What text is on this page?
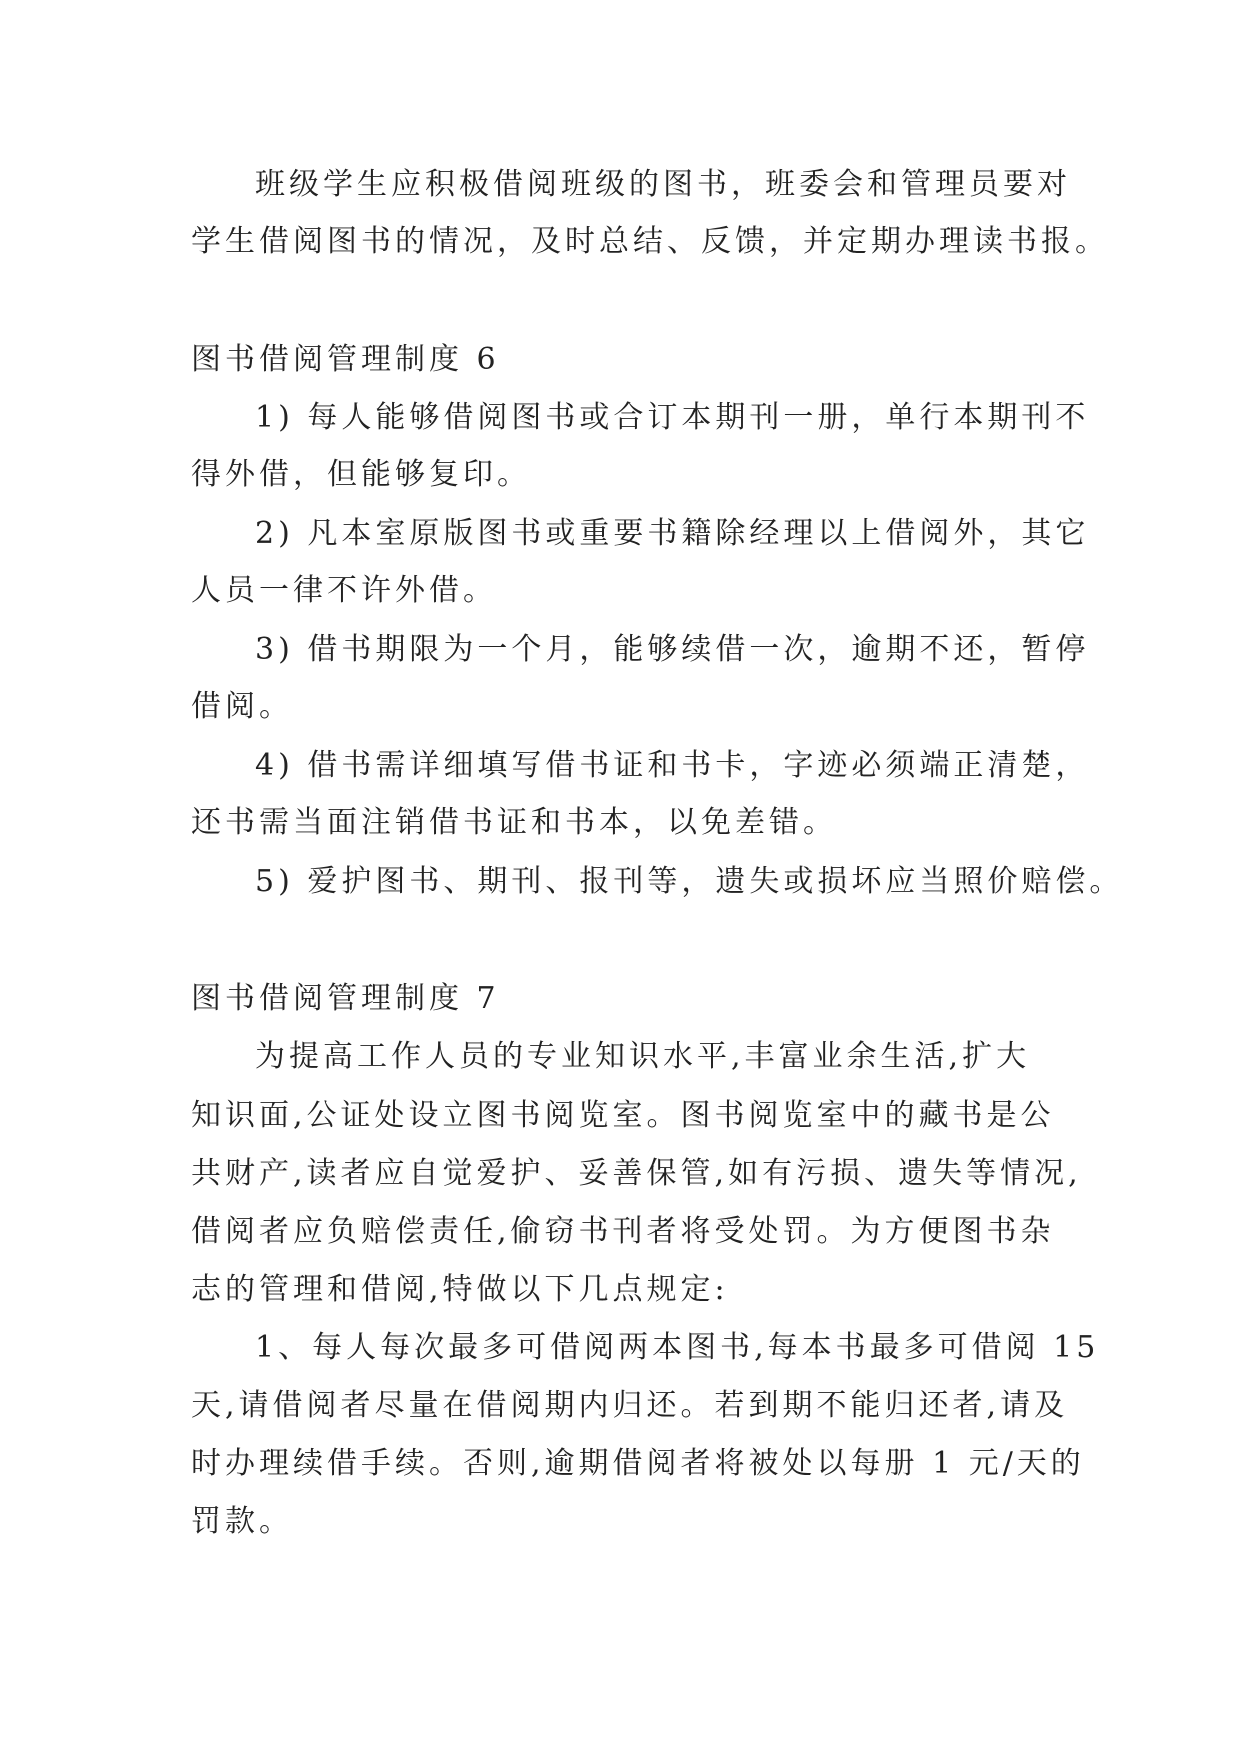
班级学生应积极借阅班级的图书，班委会和管理员要对
学生借阅图书的情况，及时总结、反馈，并定期办理读书报。
图书借阅管理制度 6
1) 每人能够借阅图书或合订本期刊一册，单行本期刊不
得外借，但能够复印。
2) 凡本室原版图书或重要书籍除经理以上借阅外，其它
人员一律不许外借。
3) 借书期限为一个月，能够续借一次，逾期不还，暂停
借阅。
4) 借书需详细填写借书证和书卡，字迹必须端正清楚，
还书需当面注销借书证和书本，以免差错。
5) 爱护图书、期刊、报刊等，遗失或损坏应当照价赔偿。
图书借阅管理制度 7
为提高工作人员的专业知识水平,丰富业余生活,扩大
知识面,公证处设立图书阅览室。图书阅览室中的藏书是公
共财产,读者应自觉爱护、妥善保管,如有污损、遗失等情况,
借阅者应负赔偿责任,偷窃书刊者将受处罚。为方便图书杂
志的管理和借阅,特做以下几点规定:
1、每人每次最多可借阅两本图书,每本书最多可借阅 15
天,请借阅者尽量在借阅期内归还。若到期不能归还者,请及
时办理续借手续。否则,逾期借阅者将被处以每册 1 元/天的
罚款。
